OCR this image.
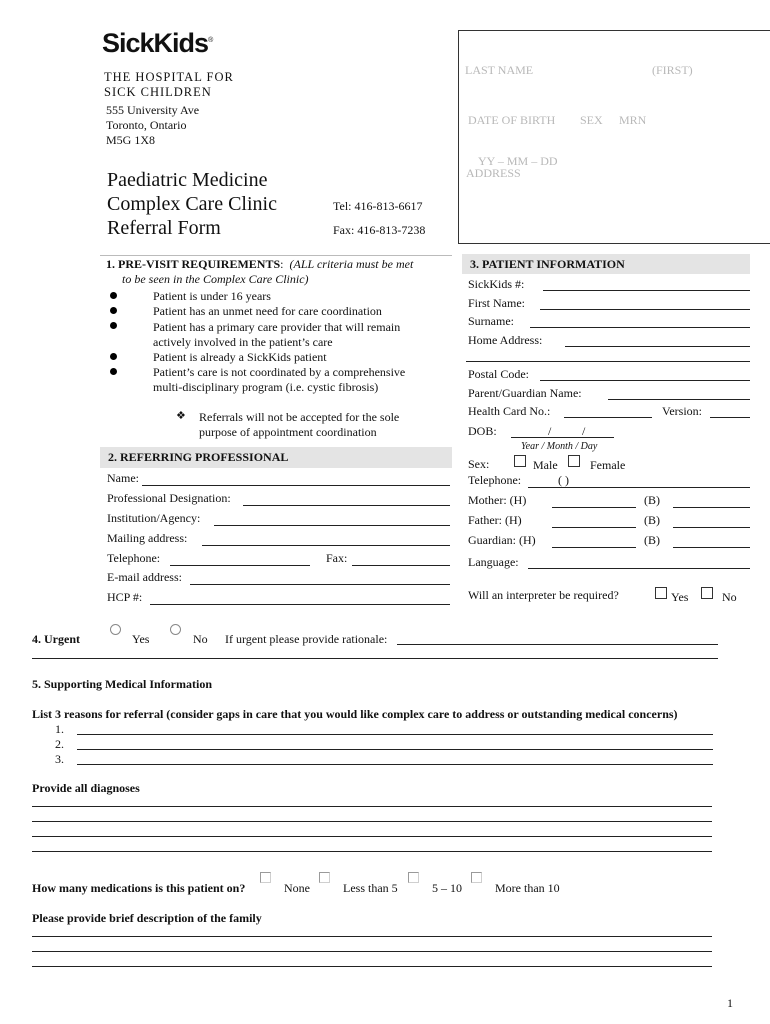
SickKids®
THE HOSPITAL FOR
SICK CHILDREN
555 University Ave
Toronto, Ontario
M5G 1X8
Paediatric Medicine
Complex Care Clinic
Referral Form
Tel: 416-813-6617
Fax: 416-813-7238
LAST NAME	(FIRST)
DATE OF BIRTH SEX MRN
YY – MM – DD
ADDRESS
1. PRE-VISIT REQUIREMENTS: (ALL criteria must be met
to be seen in the Complex Care Clinic)
Patient is under 16 years
Patient has an unmet need for care coordination
Patient has a primary care provider that will remain
actively involved in the patient’s care
Patient is already a SickKids patient
Patient’s care is not coordinated by a comprehensive
multi-disciplinary program (i.e. cystic fibrosis)
❖ Referrals will not be accepted for the sole
purpose of appointment coordination
2. REFERRING PROFESSIONAL
Name:
Professional Designation:
Institution/Agency:
Mailing address:
Telephone:	Fax:
E-mail address:
HCP #:
3. PATIENT INFORMATION
SickKids #:
First Name:
Surname:
Home Address:
Postal Code:
Parent/Guardian Name:
Health Card No.:	Version:
DOB:	/	/
Year / Month / Day
Sex:	Male	Female
Telephone:	( )
Mother: (H)	(B)
Father: (H)	(B)
Guardian: (H)	(B)
Language:
Will an interpreter be required?	Yes	No
4. Urgent	Yes	No If urgent please provide rationale:
5. Supporting Medical Information
List 3 reasons for referral (consider gaps in care that you would like complex care to address or outstanding medical concerns)
1.
2.
3.
Provide all diagnoses
How many medications is this patient on?	None	Less than 5	5 – 10	More than 10
Please provide brief description of the family
1
